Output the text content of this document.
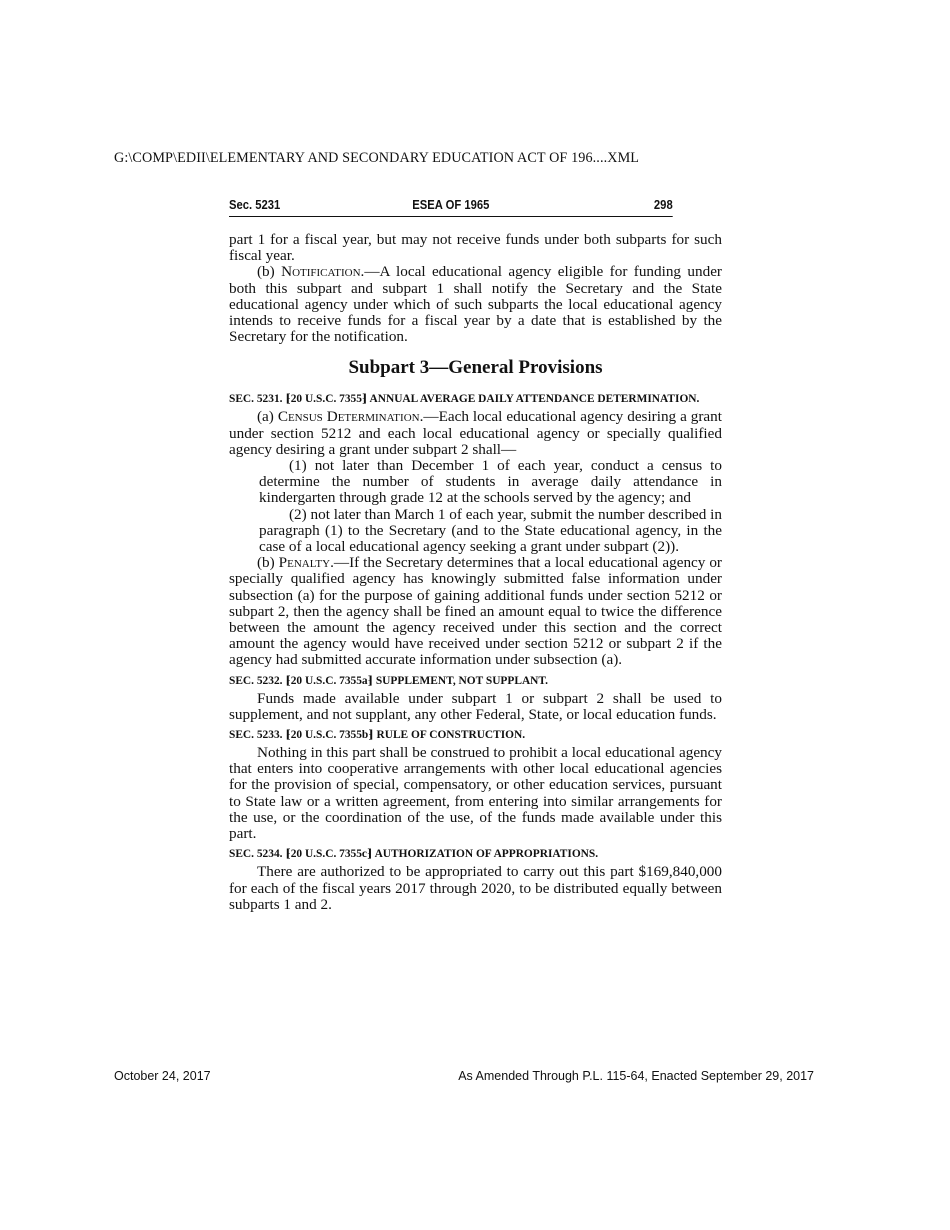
G:\COMP\EDII\ELEMENTARY AND SECONDARY EDUCATION ACT OF 196....XML
Sec. 5231	ESEA OF 1965	298

part 1 for a fiscal year, but may not receive funds under both subparts for such fiscal year.

(b) Notification.—A local educational agency eligible for funding under both this subpart and subpart 1 shall notify the Secretary and the State educational agency under which of such subparts the local educational agency intends to receive funds for a fiscal year by a date that is established by the Secretary for the notification.

Subpart 3—General Provisions

SEC. 5231. ⁅20 U.S.C. 7355⁆ ANNUAL AVERAGE DAILY ATTENDANCE DETERMINATION.

(a) Census Determination.—Each local educational agency desiring a grant under section 5212 and each local educational agency or specially qualified agency desiring a grant under subpart 2 shall—

(1) not later than December 1 of each year, conduct a census to determine the number of students in average daily attendance in kindergarten through grade 12 at the schools served by the agency; and

(2) not later than March 1 of each year, submit the number described in paragraph (1) to the Secretary (and to the State educational agency, in the case of a local educational agency seeking a grant under subpart (2)).

(b) Penalty.—If the Secretary determines that a local educational agency or specially qualified agency has knowingly submitted false information under subsection (a) for the purpose of gaining additional funds under section 5212 or subpart 2, then the agency shall be fined an amount equal to twice the difference between the amount the agency received under this section and the correct amount the agency would have received under section 5212 or subpart 2 if the agency had submitted accurate information under subsection (a).

SEC. 5232. ⁅20 U.S.C. 7355a⁆ SUPPLEMENT, NOT SUPPLANT.

Funds made available under subpart 1 or subpart 2 shall be used to supplement, and not supplant, any other Federal, State, or local education funds.

SEC. 5233. ⁅20 U.S.C. 7355b⁆ RULE OF CONSTRUCTION.

Nothing in this part shall be construed to prohibit a local educational agency that enters into cooperative arrangements with other local educational agencies for the provision of special, compensatory, or other education services, pursuant to State law or a written agreement, from entering into similar arrangements for the use, or the coordination of the use, of the funds made available under this part.

SEC. 5234. ⁅20 U.S.C. 7355c⁆ AUTHORIZATION OF APPROPRIATIONS.

There are authorized to be appropriated to carry out this part $169,840,000 for each of the fiscal years 2017 through 2020, to be distributed equally between subparts 1 and 2.

October 24, 2017	As Amended Through P.L. 115-64, Enacted September 29, 2017
